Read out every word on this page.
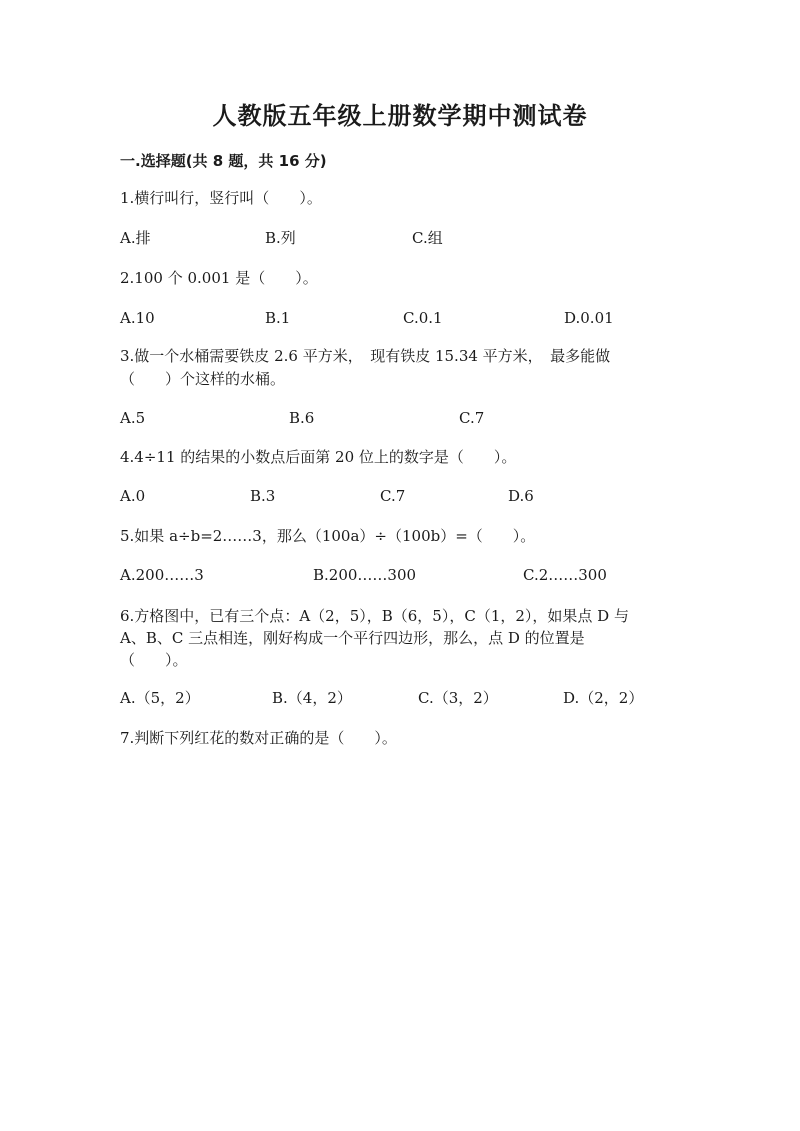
人教版五年级上册数学期中测试卷
一.选择题(共 8 题，共 16 分)
1.横行叫行，竖行叫（　　）。
A.排	B.列	C.组
2.100 个 0.001 是（　　）。
A.10	B.1	C.0.1	D.0.01
3.做一个水桶需要铁皮 2.6 平方米，　现有铁皮 15.34 平方米，　最多能做
（　　）个这样的水桶。
A.5	B.6	C.7
4.4÷11 的结果的小数点后面第 20 位上的数字是（　　）。
A.0	B.3	C.7	D.6
5.如果 a÷b=2……3，那么（100a）÷（100b）=（　　）。
A.200……3	B.200……300	C.2……300
6.方格图中，已有三个点：A（2，5），B（6，5），C（1，2），如果点 D 与
A、B、C 三点相连，刚好构成一个平行四边形，那么，点 D 的位置是
（　　）。
A.（5，2）	B.（4，2）	C.（3，2）	D.（2，2）
7.判断下列红花的数对正确的是（　　）。
